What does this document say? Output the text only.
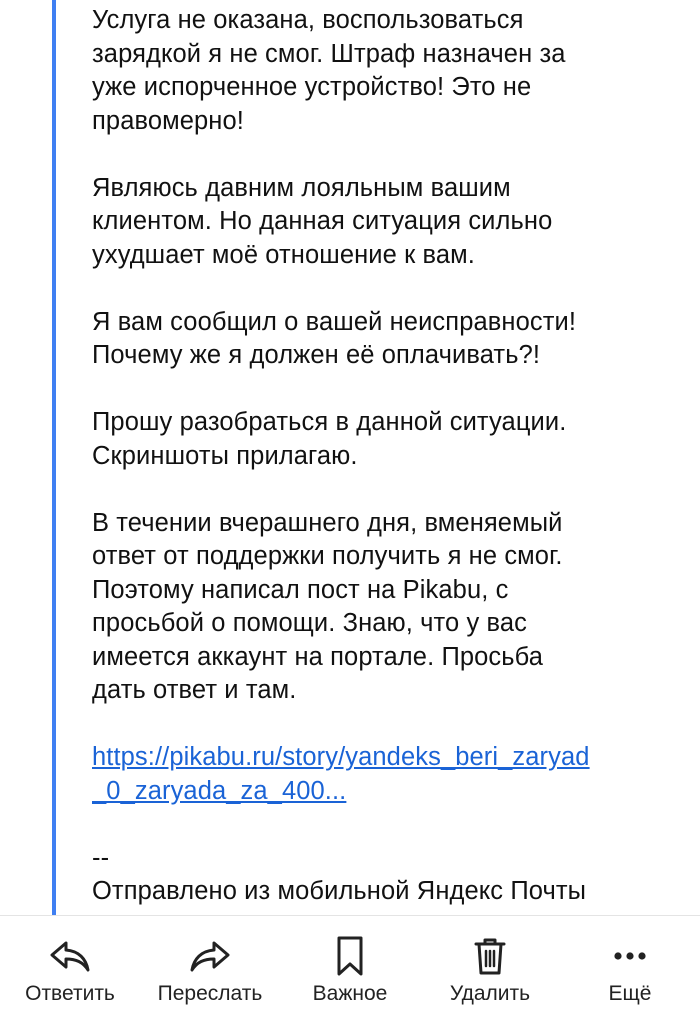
Услуга не оказана, воспользоваться
зарядкой я не смог. Штраф назначен за
уже испорченное устройство! Это не
правомерно!

Являюсь давним лояльным вашим
клиентом. Но данная ситуация сильно
ухудшает моё отношение к вам.

Я вам сообщил о вашей неисправности!
Почему же я должен её оплачивать?!

Прошу разобраться в данной ситуации.
Скриншоты прилагаю.

В течении вчерашнего дня, вменяемый
ответ от поддержки получить я не смог.
Поэтому написал пост на Pikabu, с
просьбой о помощи. Знаю, что у вас
имеется аккаунт на портале. Просьба
дать ответ и там.

https://pikabu.ru/story/yandeks_beri_zaryad
_0_zaryada_za_400...

--

Отправлено из мобильной Яндекс Почты

Ответить	Переслать	Важное	Удалить	Ещё
